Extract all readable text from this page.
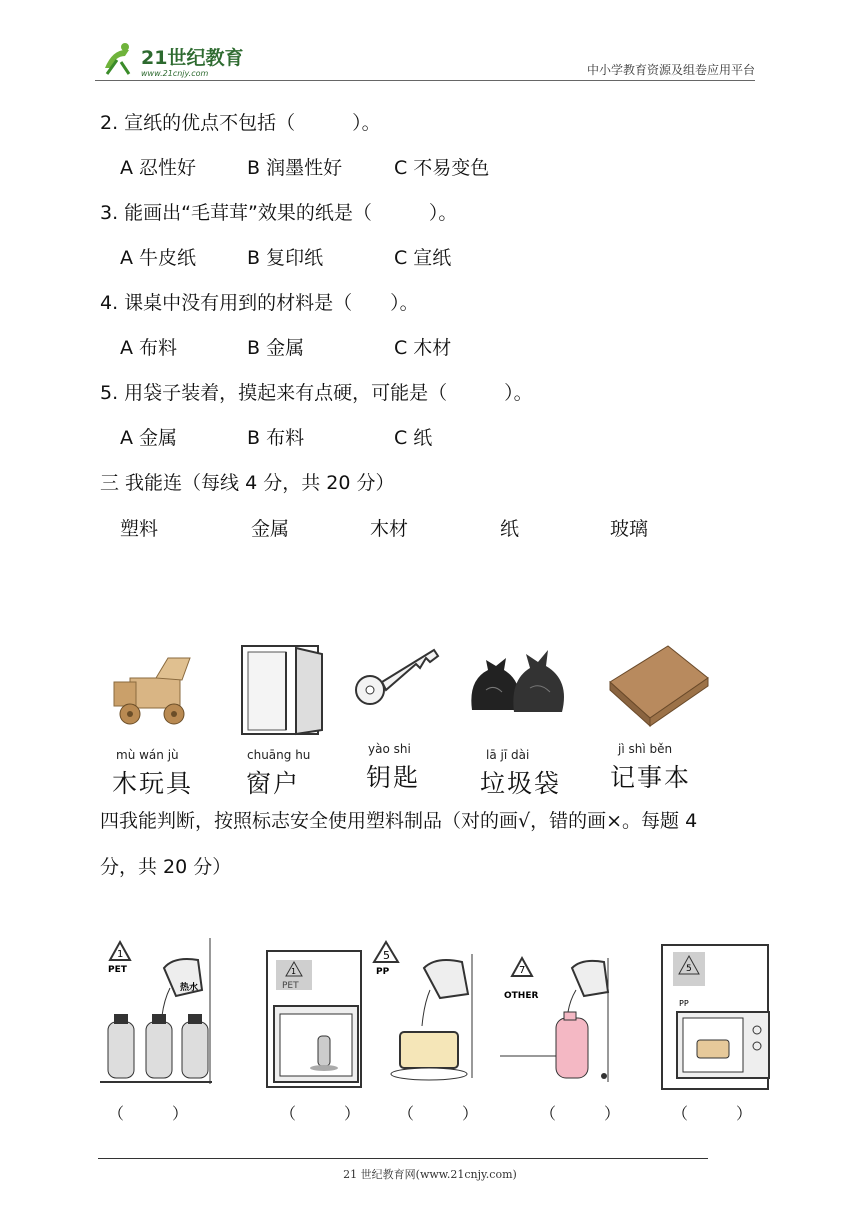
21世纪教育
www.21cnjy.com	中小学教育资源及组卷应用平台
2. 宣纸的优点不包括（　　　）。
A 忍性好	B 润墨性好	C 不易变色
3. 能画出“毛茸茸”效果的纸是（　　　）。
A 牛皮纸	B 复印纸	C 宣纸
4. 课桌中没有用到的材料是（　　）。
A 布料	B 金属	C 木材
5. 用袋子装着，摸起来有点硬，可能是（　　　）。
A 金属	B 布料	C 纸
三 我能连（每线 4 分，共 20 分）
塑料	金属	木材	纸	玻璃
mù wán jù
木玩具
chuāng hu
窗户
yào shi
钥匙
lā jī dài
垃圾袋
jì shì běn
记事本
四我能判断，按照标志安全使用塑料制品（对的画√，错的画×。每题 4
分，共 20 分）
1
PET
热水
1
PET
5
PP	7
OTHER
5
PP
（　　　）	（　　　） （　　　）	（　　　）	（　　　）
21 世纪教育网(www.21cnjy.com)
